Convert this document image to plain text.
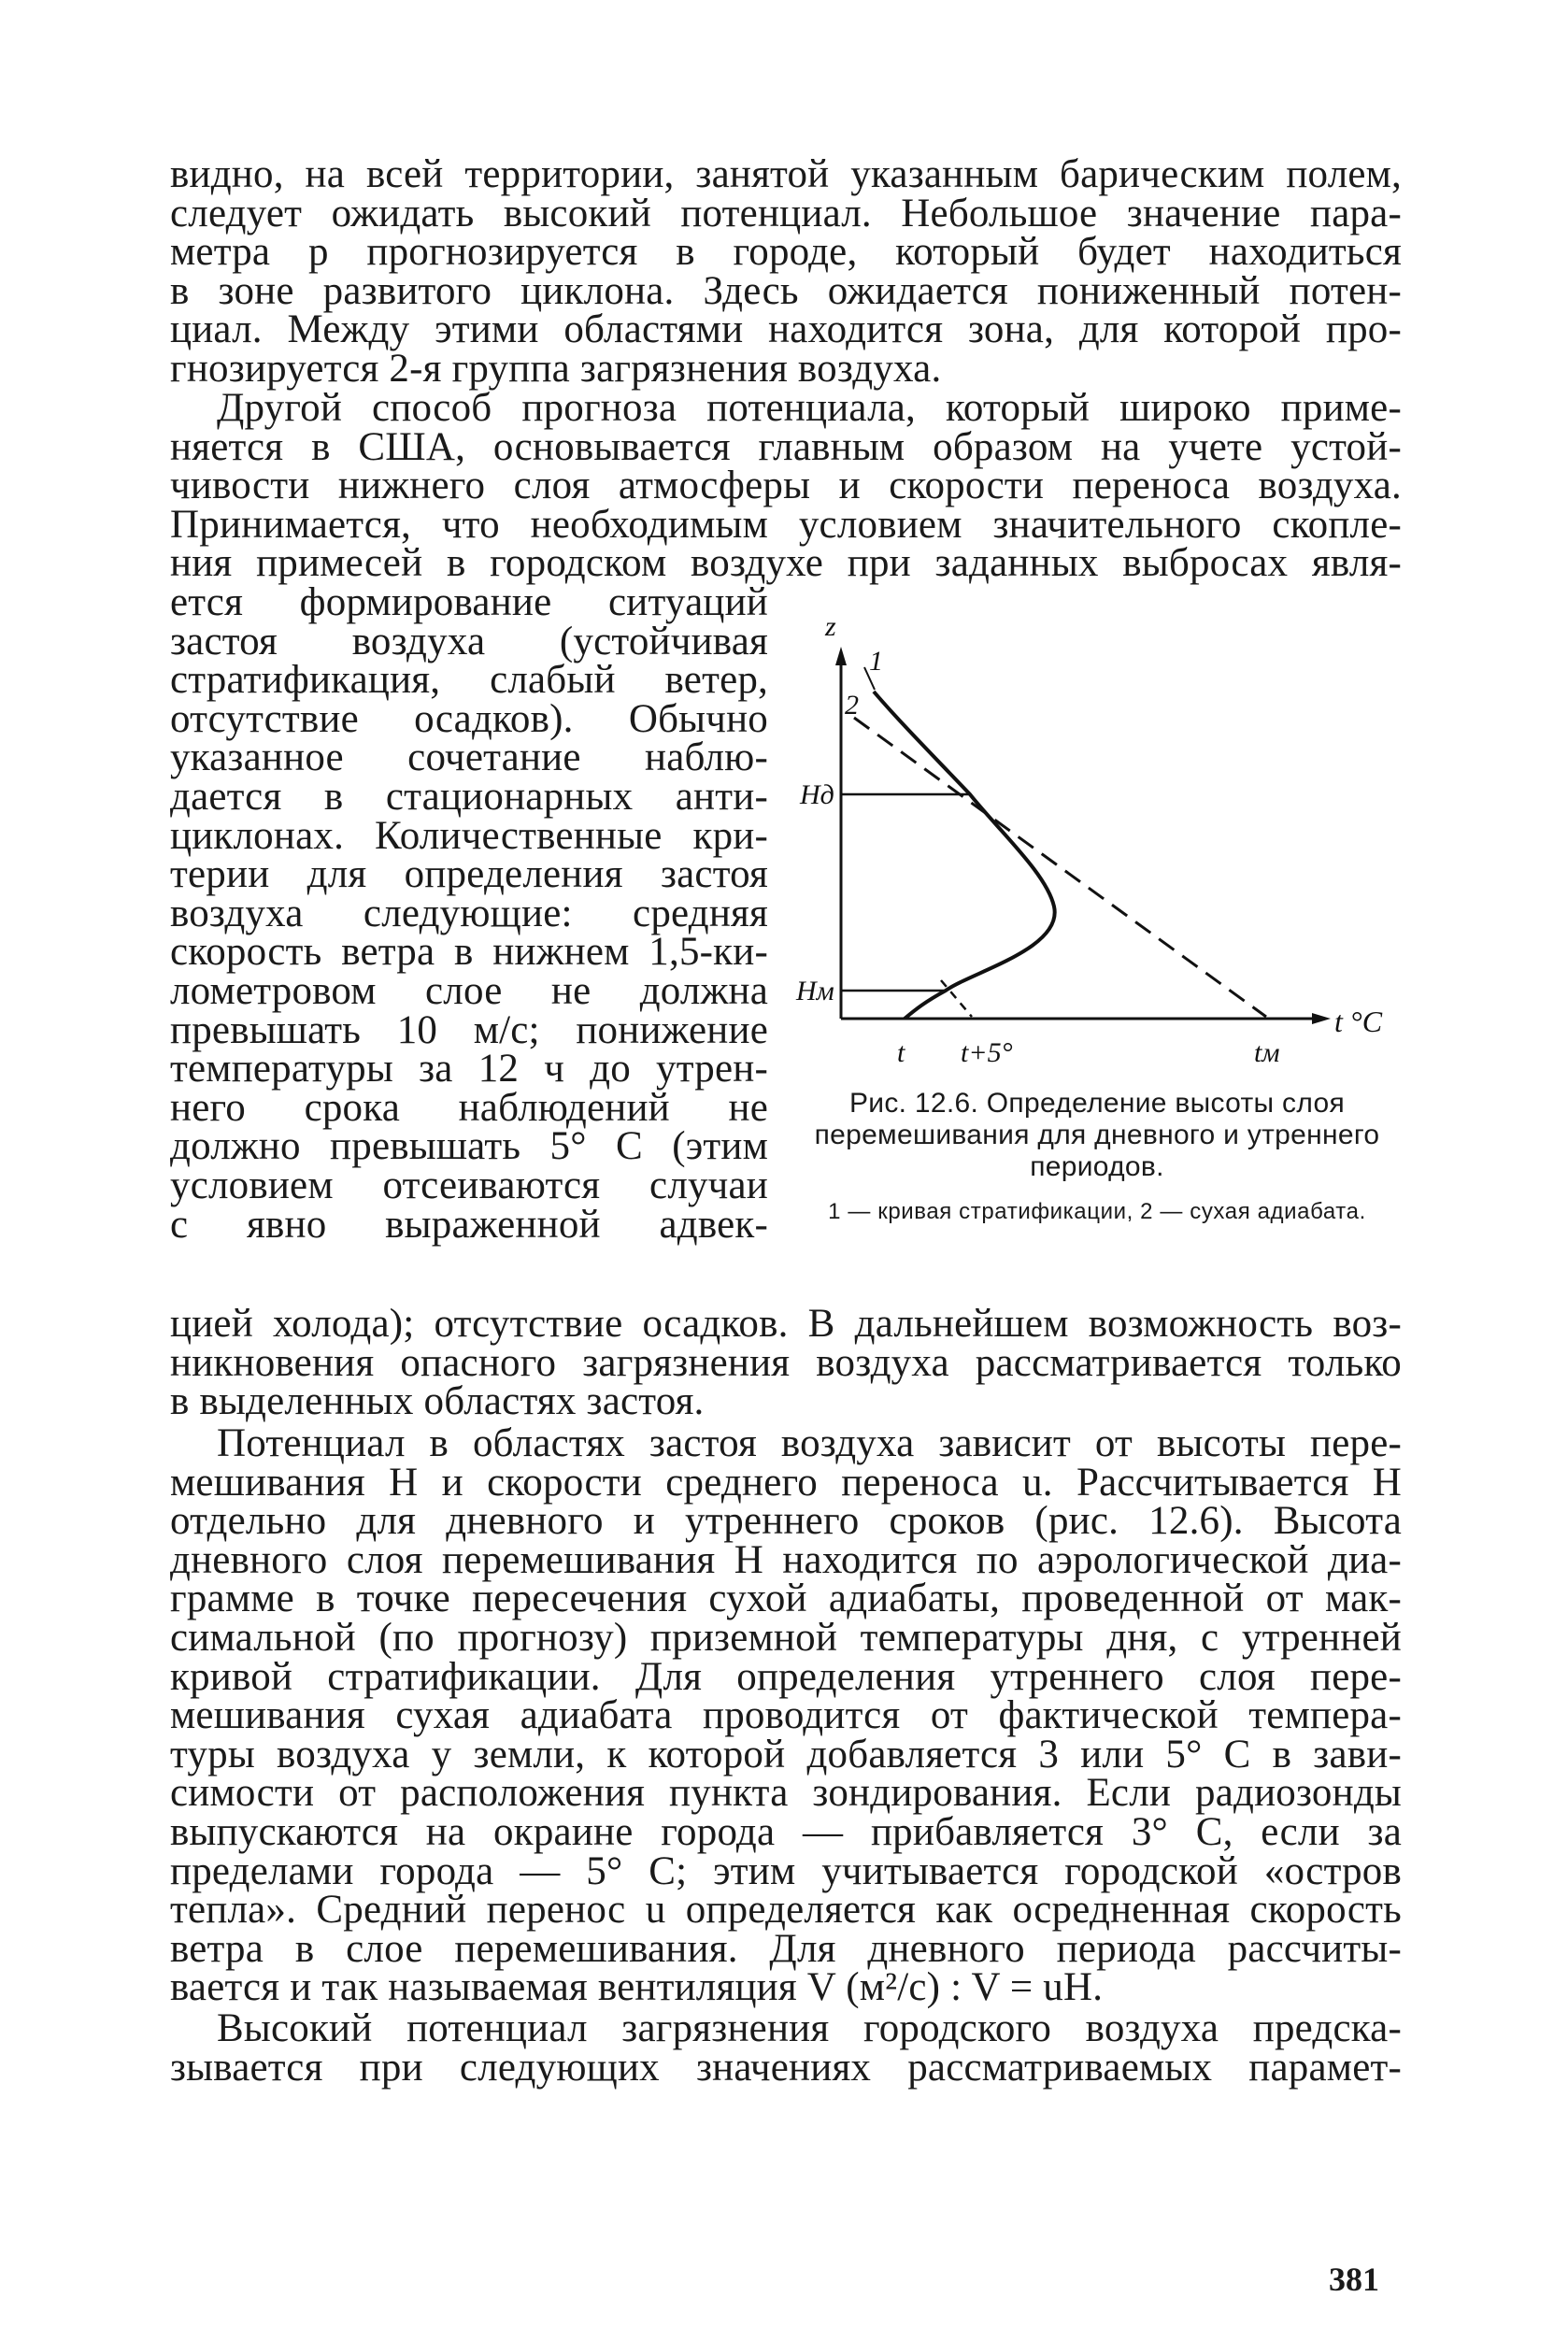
видно, на всей территории, занятой указанным барическим полем,
следует ожидать высокий потенциал. Небольшое значение пара-
метра p прогнозируется в городе, который будет находиться
в зоне развитого циклона. Здесь ожидается пониженный потен-
циал. Между этими областями находится зона, для которой про-
гнозируется 2-я группа загрязнения воздуха.
Другой способ прогноза потенциала, который широко приме-
няется в США, основывается главным образом на учете устой-
чивости нижнего слоя атмосферы и скорости переноса воздуха.
Принимается, что необходимым условием значительного скопле-
ния примесей в городском воздухе при заданных выбросах явля-
ется формирование ситуаций
застоя воздуха (устойчивая
стратификация, слабый ветер,
отсутствие осадков). Обычно
указанное сочетание наблю-
дается в стационарных анти-
циклонах. Количественные кри-
терии для определения застоя
воздуха следующие: средняя
скорость ветра в нижнем 1,5-ки-
лометровом слое не должна
превышать 10 м/с; понижение
температуры за 12 ч до утрен-
него срока наблюдений не
должно превышать 5° С (этим
условием отсеиваются случаи
с явно выраженной адвек-
цией холода); отсутствие осадков. В дальнейшем возможность воз-
никновения опасного загрязнения воздуха рассматривается только
в выделенных областях застоя.
Потенциал в областях застоя воздуха зависит от высоты пере-
мешивания H и скорости среднего переноса u. Рассчитывается H
отдельно для дневного и утреннего сроков (рис. 12.6). Высота
дневного слоя перемешивания H находится по аэрологической диа-
грамме в точке пересечения сухой адиабаты, проведенной от мак-
симальной (по прогнозу) приземной температуры дня, с утренней
кривой стратификации. Для определения утреннего слоя пере-
мешивания сухая адиабата проводится от фактической темпера-
туры воздуха у земли, к которой добавляется 3 или 5° С в зави-
симости от расположения пункта зондирования. Если радиозонды
выпускаются на окраине города — прибавляется 3° С, если за
пределами города — 5° С; этим учитывается городской «остров
тепла». Средний перенос u определяется как осредненная скорость
ветра в слое перемешивания. Для дневного периода рассчиты-
вается и так называемая вентиляция V (м²/с) : V = uH.
Высокий потенциал загрязнения городского воздуха предска-
зывается при следующих значениях рассматриваемых парамет-
z
1
2
Hд
Hм
t °C
t t+5°	tм
Рис. 12.6. Определение высоты слоя перемешивания для дневного и утреннего периодов.
1 — кривая стратификации, 2 — сухая адиабата.
381
